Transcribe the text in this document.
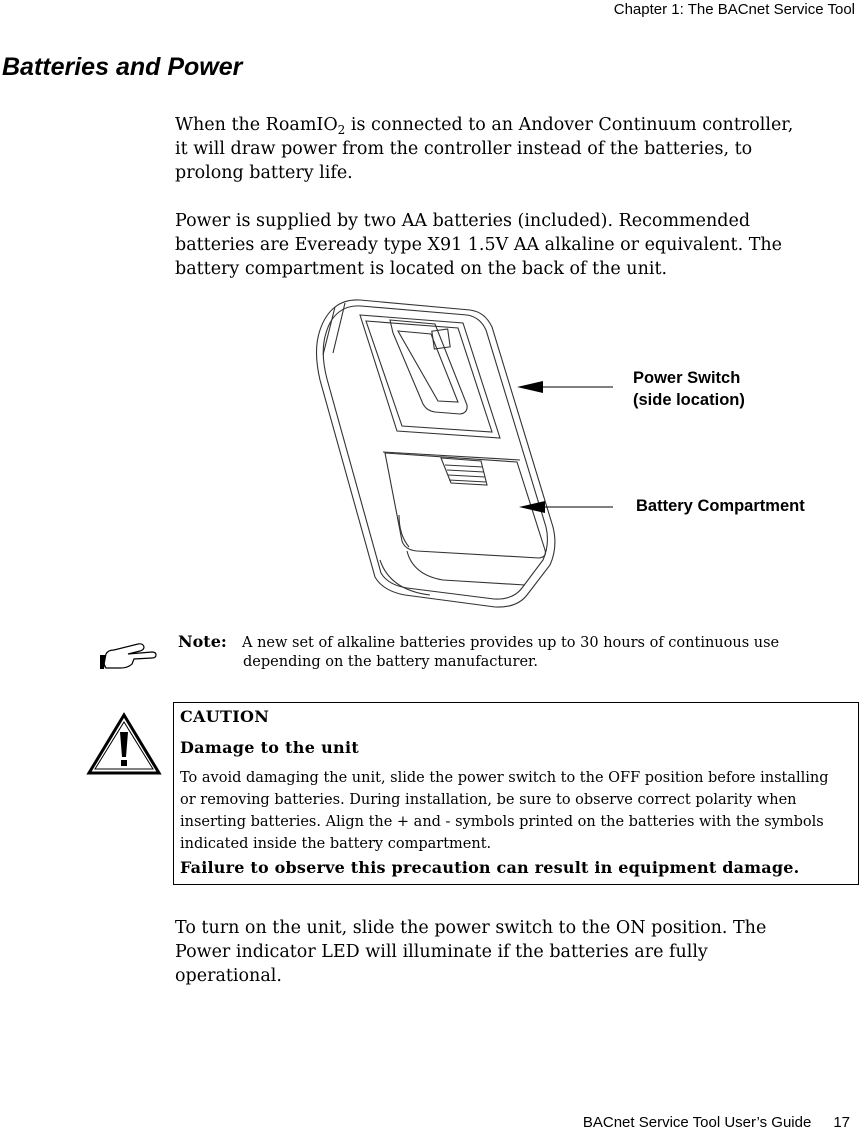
Chapter 1: The BACnet Service Tool
Batteries and Power
When the RoamIO$_2$ is connected to an Andover Continuum controller,
it will draw power from the controller instead of the batteries, to
prolong battery life.
Power is supplied by two AA batteries (included). Recommended
batteries are Eveready type X91 1.5V AA alkaline or equivalent. The
battery compartment is located on the back of the unit.
Power Switch
(side location)
Battery Compartment
Note: A new set of alkaline batteries provides up to 30 hours of continuous use
depending on the battery manufacturer.
CAUTION
Damage to the unit
To avoid damaging the unit, slide the power switch to the OFF position before installing
or removing batteries. During installation, be sure to observe correct polarity when
inserting batteries. Align the + and - symbols printed on the batteries with the symbols
indicated inside the battery compartment.
Failure to observe this precaution can result in equipment damage.
To turn on the unit, slide the power switch to the ON position. The
Power indicator LED will illuminate if the batteries are fully
operational.
BACnet Service Tool User’s Guide 17
